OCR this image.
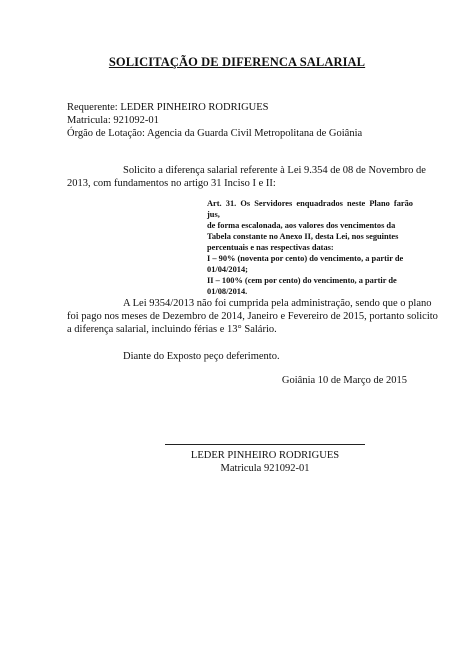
SOLICITAÇÃO DE DIFERENCA SALARIAL
Requerente: LEDER PINHEIRO RODRIGUES
Matricula: 921092-01
Órgão de Lotação: Agencia da Guarda Civil Metropolitana de Goiânia
Solicito a diferença salarial referente à Lei 9.354 de 08 de Novembro de
2013, com fundamentos no artigo 31 Inciso I e II:
Art. 31. Os Servidores enquadrados neste Plano farão jus,
de forma escalonada, aos valores dos vencimentos da
Tabela constante no Anexo II, desta Lei, nos seguintes
percentuais e nas respectivas datas:
I – 90% (noventa por cento) do vencimento, a partir de
01/04/2014;
II – 100% (cem por cento) do vencimento, a partir de
01/08/2014.
A Lei 9354/2013 não foi cumprida pela administração, sendo que o plano
foi pago nos meses de Dezembro de 2014, Janeiro e Fevereiro de 2015, portanto solicito
a diferença salarial, incluindo férias e 13° Salário.
Diante do Exposto peço deferimento.
Goiânia 10 de Março de 2015
LEDER PINHEIRO RODRIGUES
Matricula 921092-01
